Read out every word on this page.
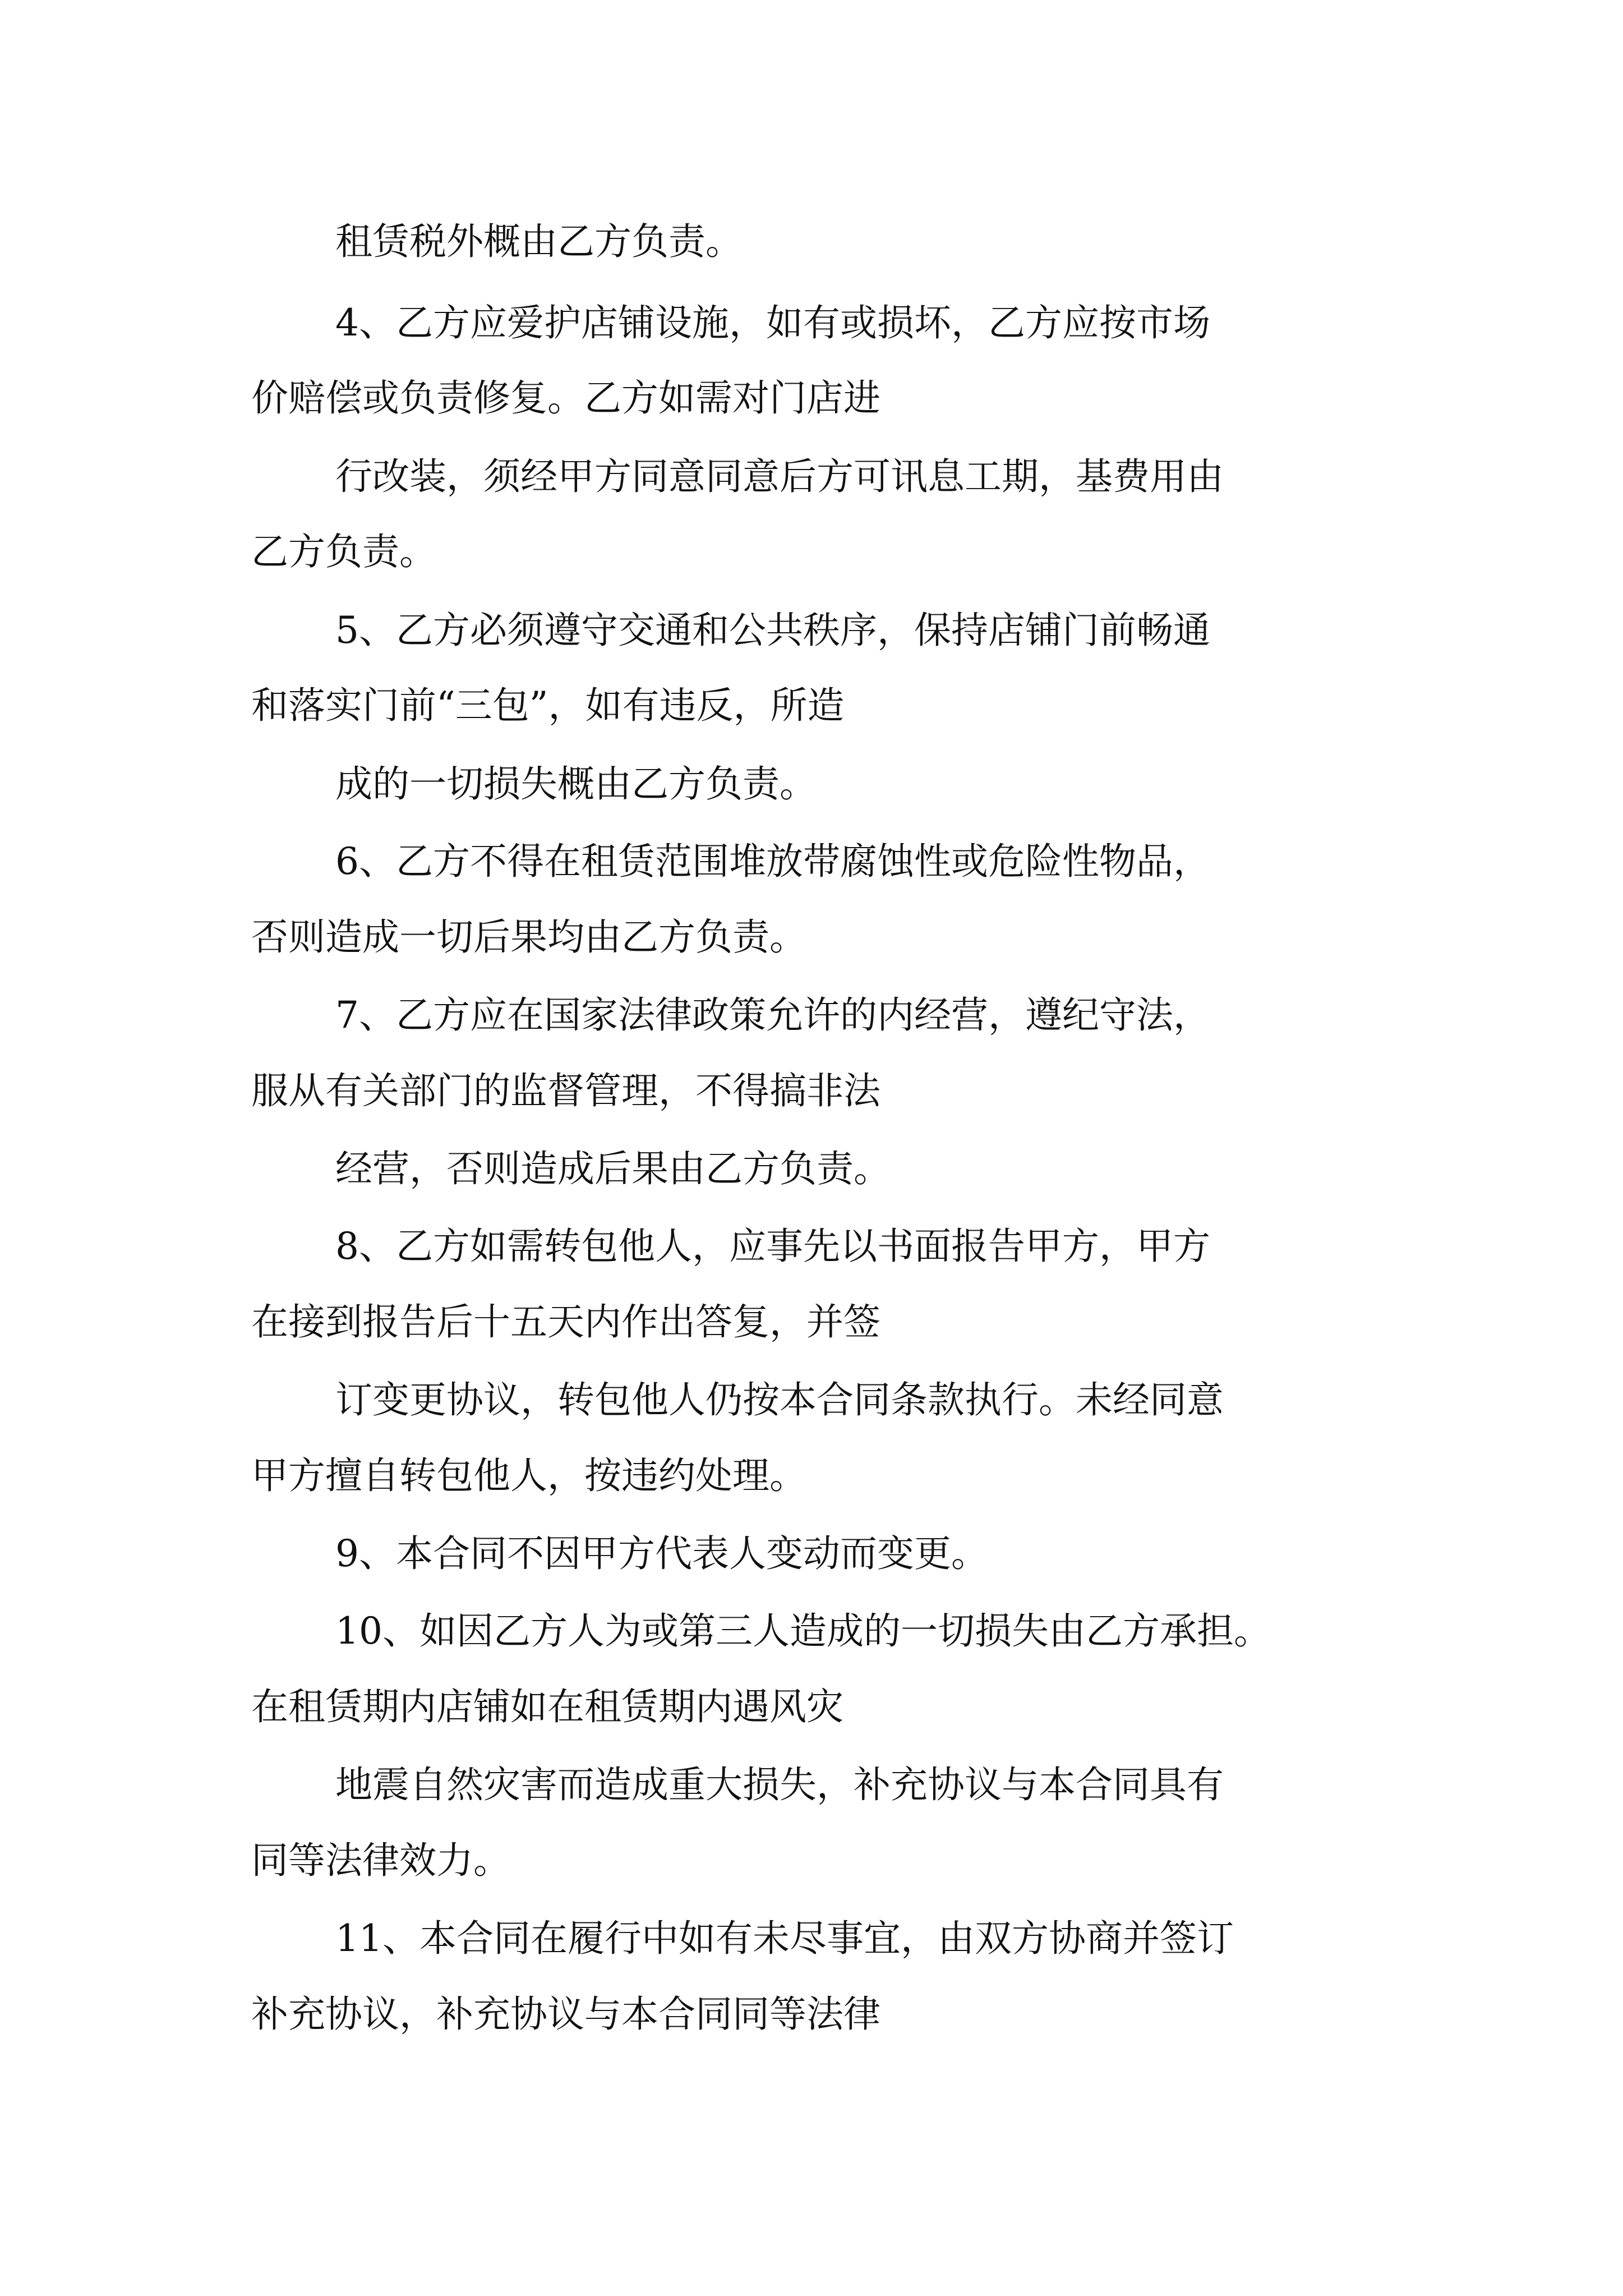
租赁税外概由乙方负责。
4、乙方应爱护店铺设施，如有或损坏，乙方应按市场
价赔偿或负责修复。乙方如需对门店进
行改装，须经甲方同意同意后方可讯息工期，基费用由
乙方负责。
5、乙方必须遵守交通和公共秩序，保持店铺门前畅通
和落实门前“三包”，如有违反，所造
成的一切损失概由乙方负责。
6、乙方不得在租赁范围堆放带腐蚀性或危险性物品，
否则造成一切后果均由乙方负责。
7、乙方应在国家法律政策允许的内经营，遵纪守法，
服从有关部门的监督管理，不得搞非法
经营，否则造成后果由乙方负责。
8、乙方如需转包他人，应事先以书面报告甲方，甲方
在接到报告后十五天内作出答复，并签
订变更协议，转包他人仍按本合同条款执行。未经同意
甲方擅自转包他人，按违约处理。
9、本合同不因甲方代表人变动而变更。
10、如因乙方人为或第三人造成的一切损失由乙方承担。
在租赁期内店铺如在租赁期内遇风灾
地震自然灾害而造成重大损失，补充协议与本合同具有
同等法律效力。
11、本合同在履行中如有未尽事宜，由双方协商并签订
补充协议，补充协议与本合同同等法律
